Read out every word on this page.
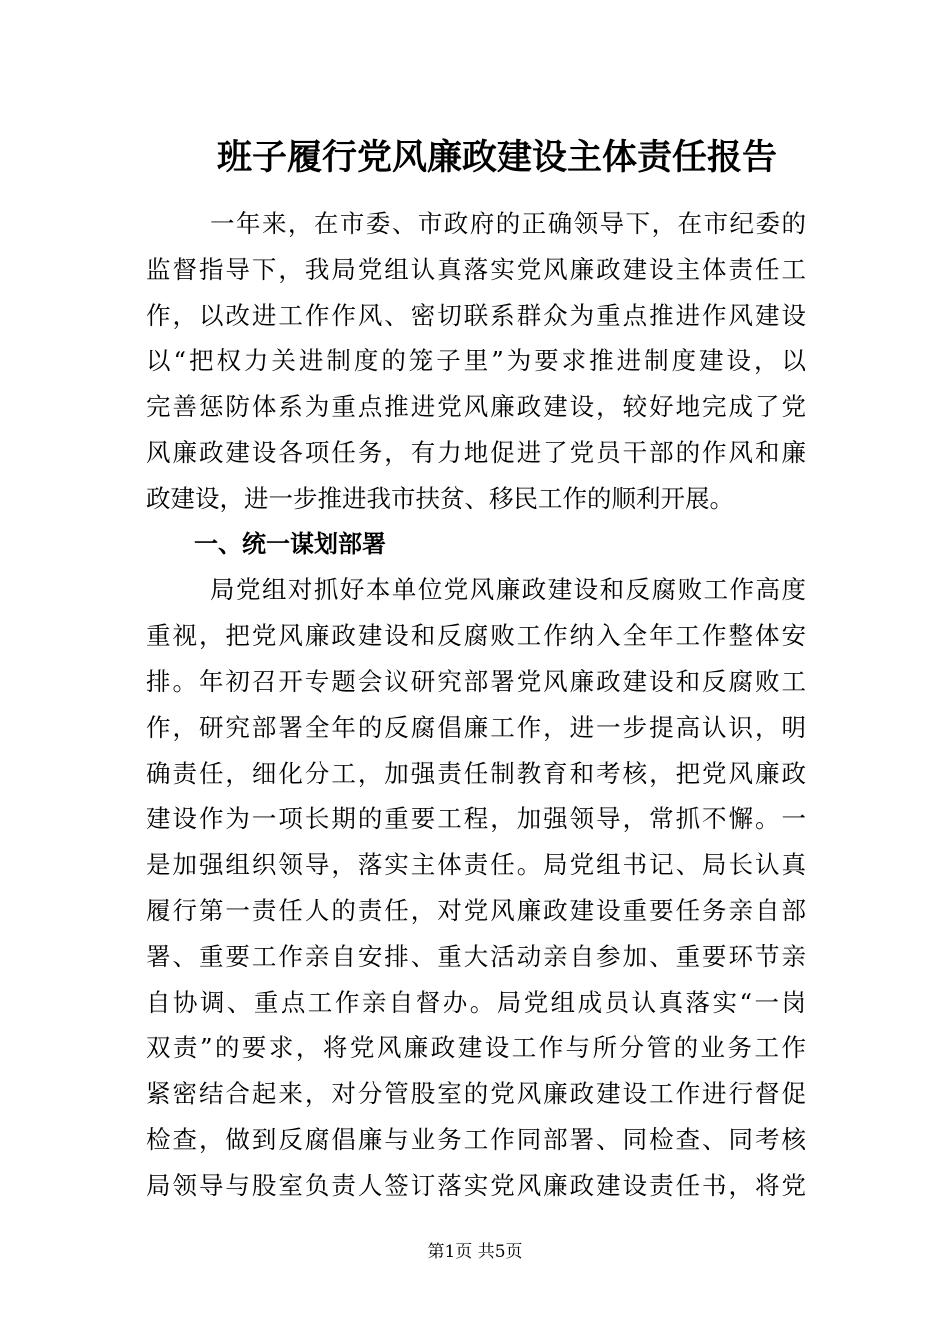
班子履行党风廉政建设主体责任报告
一年来，在市委、市政府的正确领导下，在市纪委的
监督指导下，我局党组认真落实党风廉政建设主体责任工
作，以改进工作作风、密切联系群众为重点推进作风建设
以“把权力关进制度的笼子里”为要求推进制度建设，以
完善惩防体系为重点推进党风廉政建设，较好地完成了党
风廉政建设各项任务，有力地促进了党员干部的作风和廉
政建设，进一步推进我市扶贫、移民工作的顺利开展。
一、统一谋划部署
局党组对抓好本单位党风廉政建设和反腐败工作高度
重视，把党风廉政建设和反腐败工作纳入全年工作整体安
排。年初召开专题会议研究部署党风廉政建设和反腐败工
作，研究部署全年的反腐倡廉工作，进一步提高认识，明
确责任，细化分工，加强责任制教育和考核，把党风廉政
建设作为一项长期的重要工程，加强领导，常抓不懈。一
是加强组织领导，落实主体责任。局党组书记、局长认真
履行第一责任人的责任，对党风廉政建设重要任务亲自部
署、重要工作亲自安排、重大活动亲自参加、重要环节亲
自协调、重点工作亲自督办。局党组成员认真落实“一岗
双责”的要求，将党风廉政建设工作与所分管的业务工作
紧密结合起来，对分管股室的党风廉政建设工作进行督促
检查，做到反腐倡廉与业务工作同部署、同检查、同考核
局领导与股室负责人签订落实党风廉政建设责任书，将党
第1页 共5页
